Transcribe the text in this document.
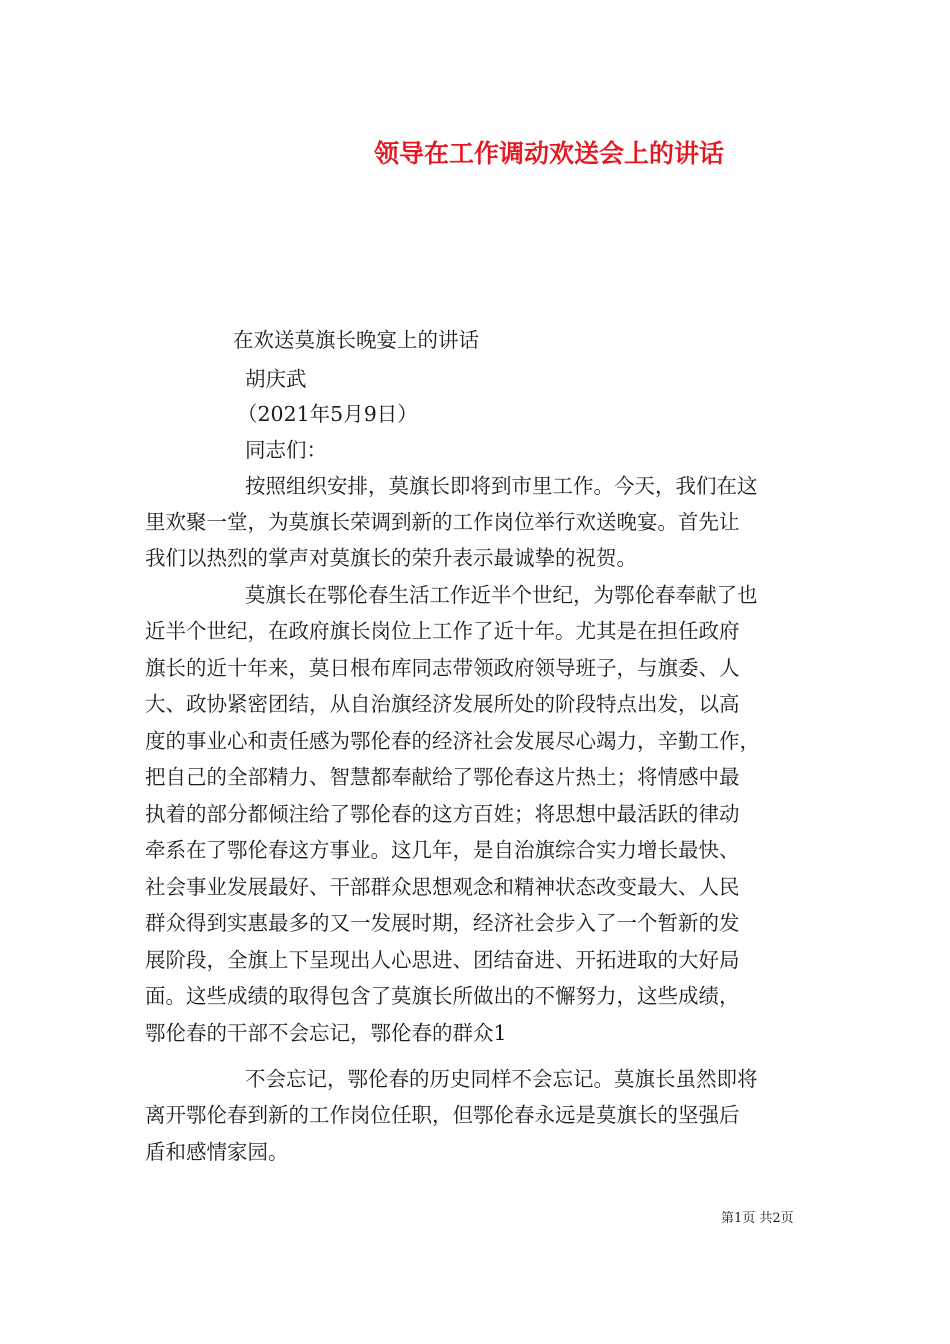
领导在工作调动欢送会上的讲话
在欢送莫旗长晚宴上的讲话
胡庆武
（2021年5月9日）
同志们：
按照组织安排，莫旗长即将到市里工作。今天，我们在这
里欢聚一堂，为莫旗长荣调到新的工作岗位举行欢送晚宴。首先让
我们以热烈的掌声对莫旗长的荣升表示最诚挚的祝贺。
莫旗长在鄂伦春生活工作近半个世纪，为鄂伦春奉献了也
近半个世纪，在政府旗长岗位上工作了近十年。尤其是在担任政府
旗长的近十年来，莫日根布库同志带领政府领导班子，与旗委、人
大、政协紧密团结，从自治旗经济发展所处的阶段特点出发，以高
度的事业心和责任感为鄂伦春的经济社会发展尽心竭力，辛勤工作，
把自己的全部精力、智慧都奉献给了鄂伦春这片热土；将情感中最
执着的部分都倾注给了鄂伦春的这方百姓；将思想中最活跃的律动
牵系在了鄂伦春这方事业。这几年，是自治旗综合实力增长最快、
社会事业发展最好、干部群众思想观念和精神状态改变最大、人民
群众得到实惠最多的又一发展时期，经济社会步入了一个暂新的发
展阶段，全旗上下呈现出人心思进、团结奋进、开拓进取的大好局
面。这些成绩的取得包含了莫旗长所做出的不懈努力，这些成绩，
鄂伦春的干部不会忘记，鄂伦春的群众1
不会忘记，鄂伦春的历史同样不会忘记。莫旗长虽然即将
离开鄂伦春到新的工作岗位任职，但鄂伦春永远是莫旗长的坚强后
盾和感情家园。
第1页 共2页
